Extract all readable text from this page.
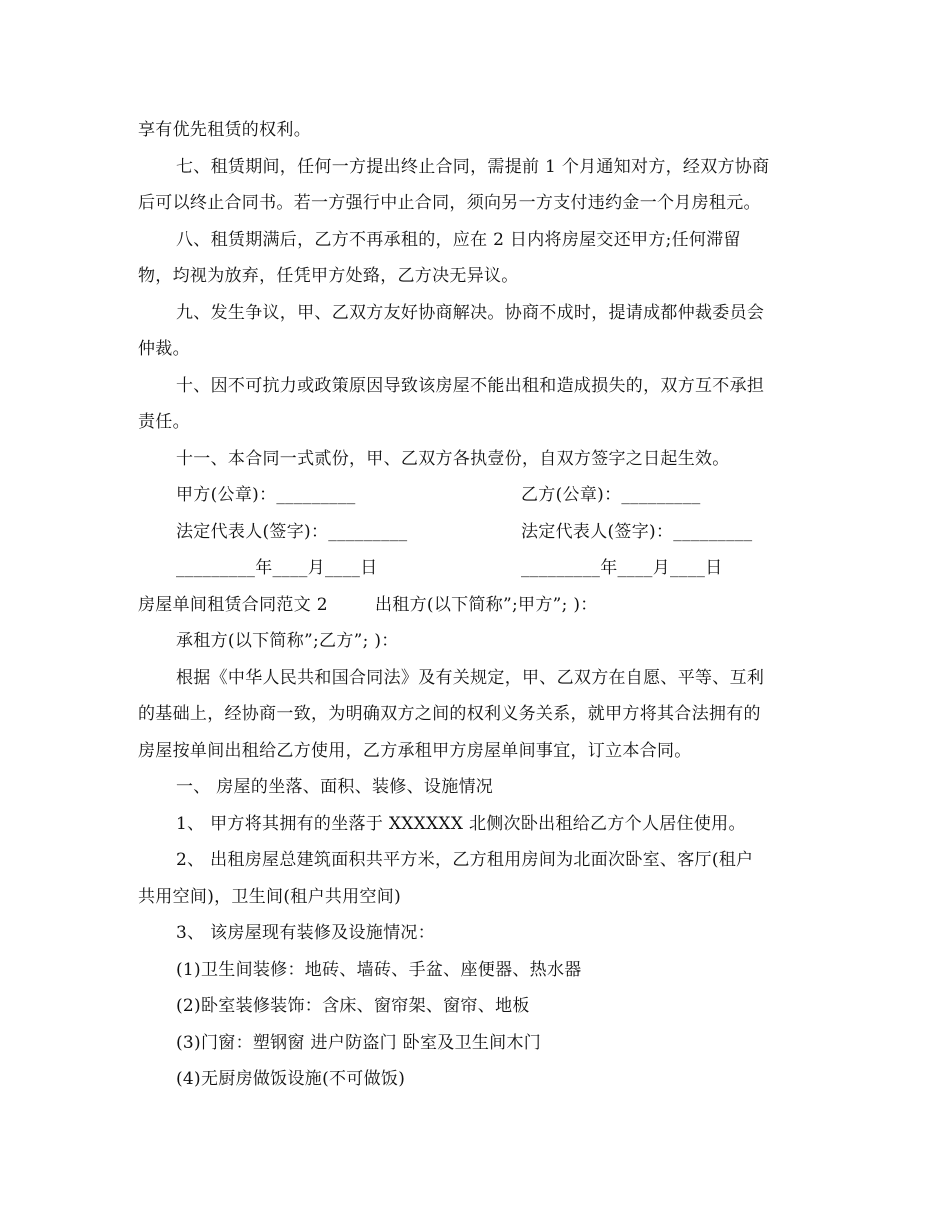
享有优先租赁的权利。
七、租赁期间，任何一方提出终止合同，需提前 1 个月通知对方，经双方协商
后可以终止合同书。若一方强行中止合同，须向另一方支付违约金一个月房租元。
八、租赁期满后，乙方不再承租的，应在 2 日内将房屋交还甲方;任何滞留
物，均视为放弃，任凭甲方处臵，乙方决无异议。
九、发生争议，甲、乙双方友好协商解决。协商不成时，提请成都仲裁委员会
仲裁。
十、因不可抗力或政策原因导致该房屋不能出租和造成损失的，双方互不承担
责任。
十一、本合同一式贰份，甲、乙双方各执壹份，自双方签字之日起生效。
甲方(公章)：_________	乙方(公章)：_________
法定代表人(签字)：_________	法定代表人(签字)：_________
_________年____月____日	_________年____月____日
房屋单间租赁合同范文 2	出租方(以下简称”;甲方”; )：
承租方(以下简称”;乙方”; )：
根据《中华人民共和国合同法》及有关规定，甲、乙双方在自愿、平等、互利
的基础上，经协商一致，为明确双方之间的权利义务关系，就甲方将其合法拥有的
房屋按单间出租给乙方使用，乙方承租甲方房屋单间事宜，订立本合同。
一、 房屋的坐落、面积、装修、设施情况
1、 甲方将其拥有的坐落于 XXXXXX 北侧次卧出租给乙方个人居住使用。
2、 出租房屋总建筑面积共平方米，乙方租用房间为北面次卧室、客厅(租户
共用空间)，卫生间(租户共用空间)
3、 该房屋现有装修及设施情况：
(1)卫生间装修：地砖、墙砖、手盆、座便器、热水器
(2)卧室装修装饰：含床、窗帘架、窗帘、地板
(3)门窗：塑钢窗 进户防盗门 卧室及卫生间木门
(4)无厨房做饭设施(不可做饭)
